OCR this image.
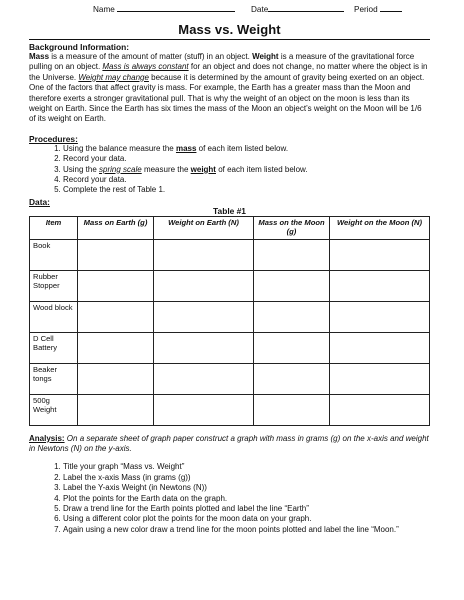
Name	Date	Period
Mass vs. Weight
Background Information:

Mass is a measure of the amount of matter (stuff) in an object. Weight is a measure of the gravitational force pulling on an object. Mass is always constant for an object and does not change, no matter where the object is in the Universe. Weight may change because it is determined by the amount of gravity being exerted on an object. One of the factors that affect gravity is mass. For example, the Earth has a greater mass than the Moon and therefore exerts a stronger gravitational pull. That is why the weight of an object on the moon is less than its weight on Earth. Since the Earth has six times the mass of the Moon an object’s weight on the Moon will be 1/6 of its weight on Earth.

Procedures:
1. Using the balance measure the mass of each item listed below.
2. Record your data.
3. Using the spring scale measure the weight of each item listed below.
4. Record your data.
5. Complete the rest of Table 1.
Data:
Table #1
Item	Mass on Earth (g)	Weight on Earth (N)	Mass on the Moon (g)	Weight on the Moon (N)
Book				
Rubber Stopper				
Wood block				
D Cell Battery				
Beaker tongs				
500g Weight				

Analysis: On a separate sheet of graph paper construct a graph with mass in grams (g) on the x-axis and weight in Newtons (N) on the y-axis.

1. Title your graph “Mass vs. Weight”
2. Label the x-axis Mass (in grams (g))
3. Label the Y-axis Weight (in Newtons (N))
4. Plot the points for the Earth data on the graph.
5. Draw a trend line for the Earth points plotted and label the line “Earth”
6. Using a different color plot the points for the moon data on your graph.
7. Again using a new color draw a trend line for the moon points plotted and label the line “Moon.”
